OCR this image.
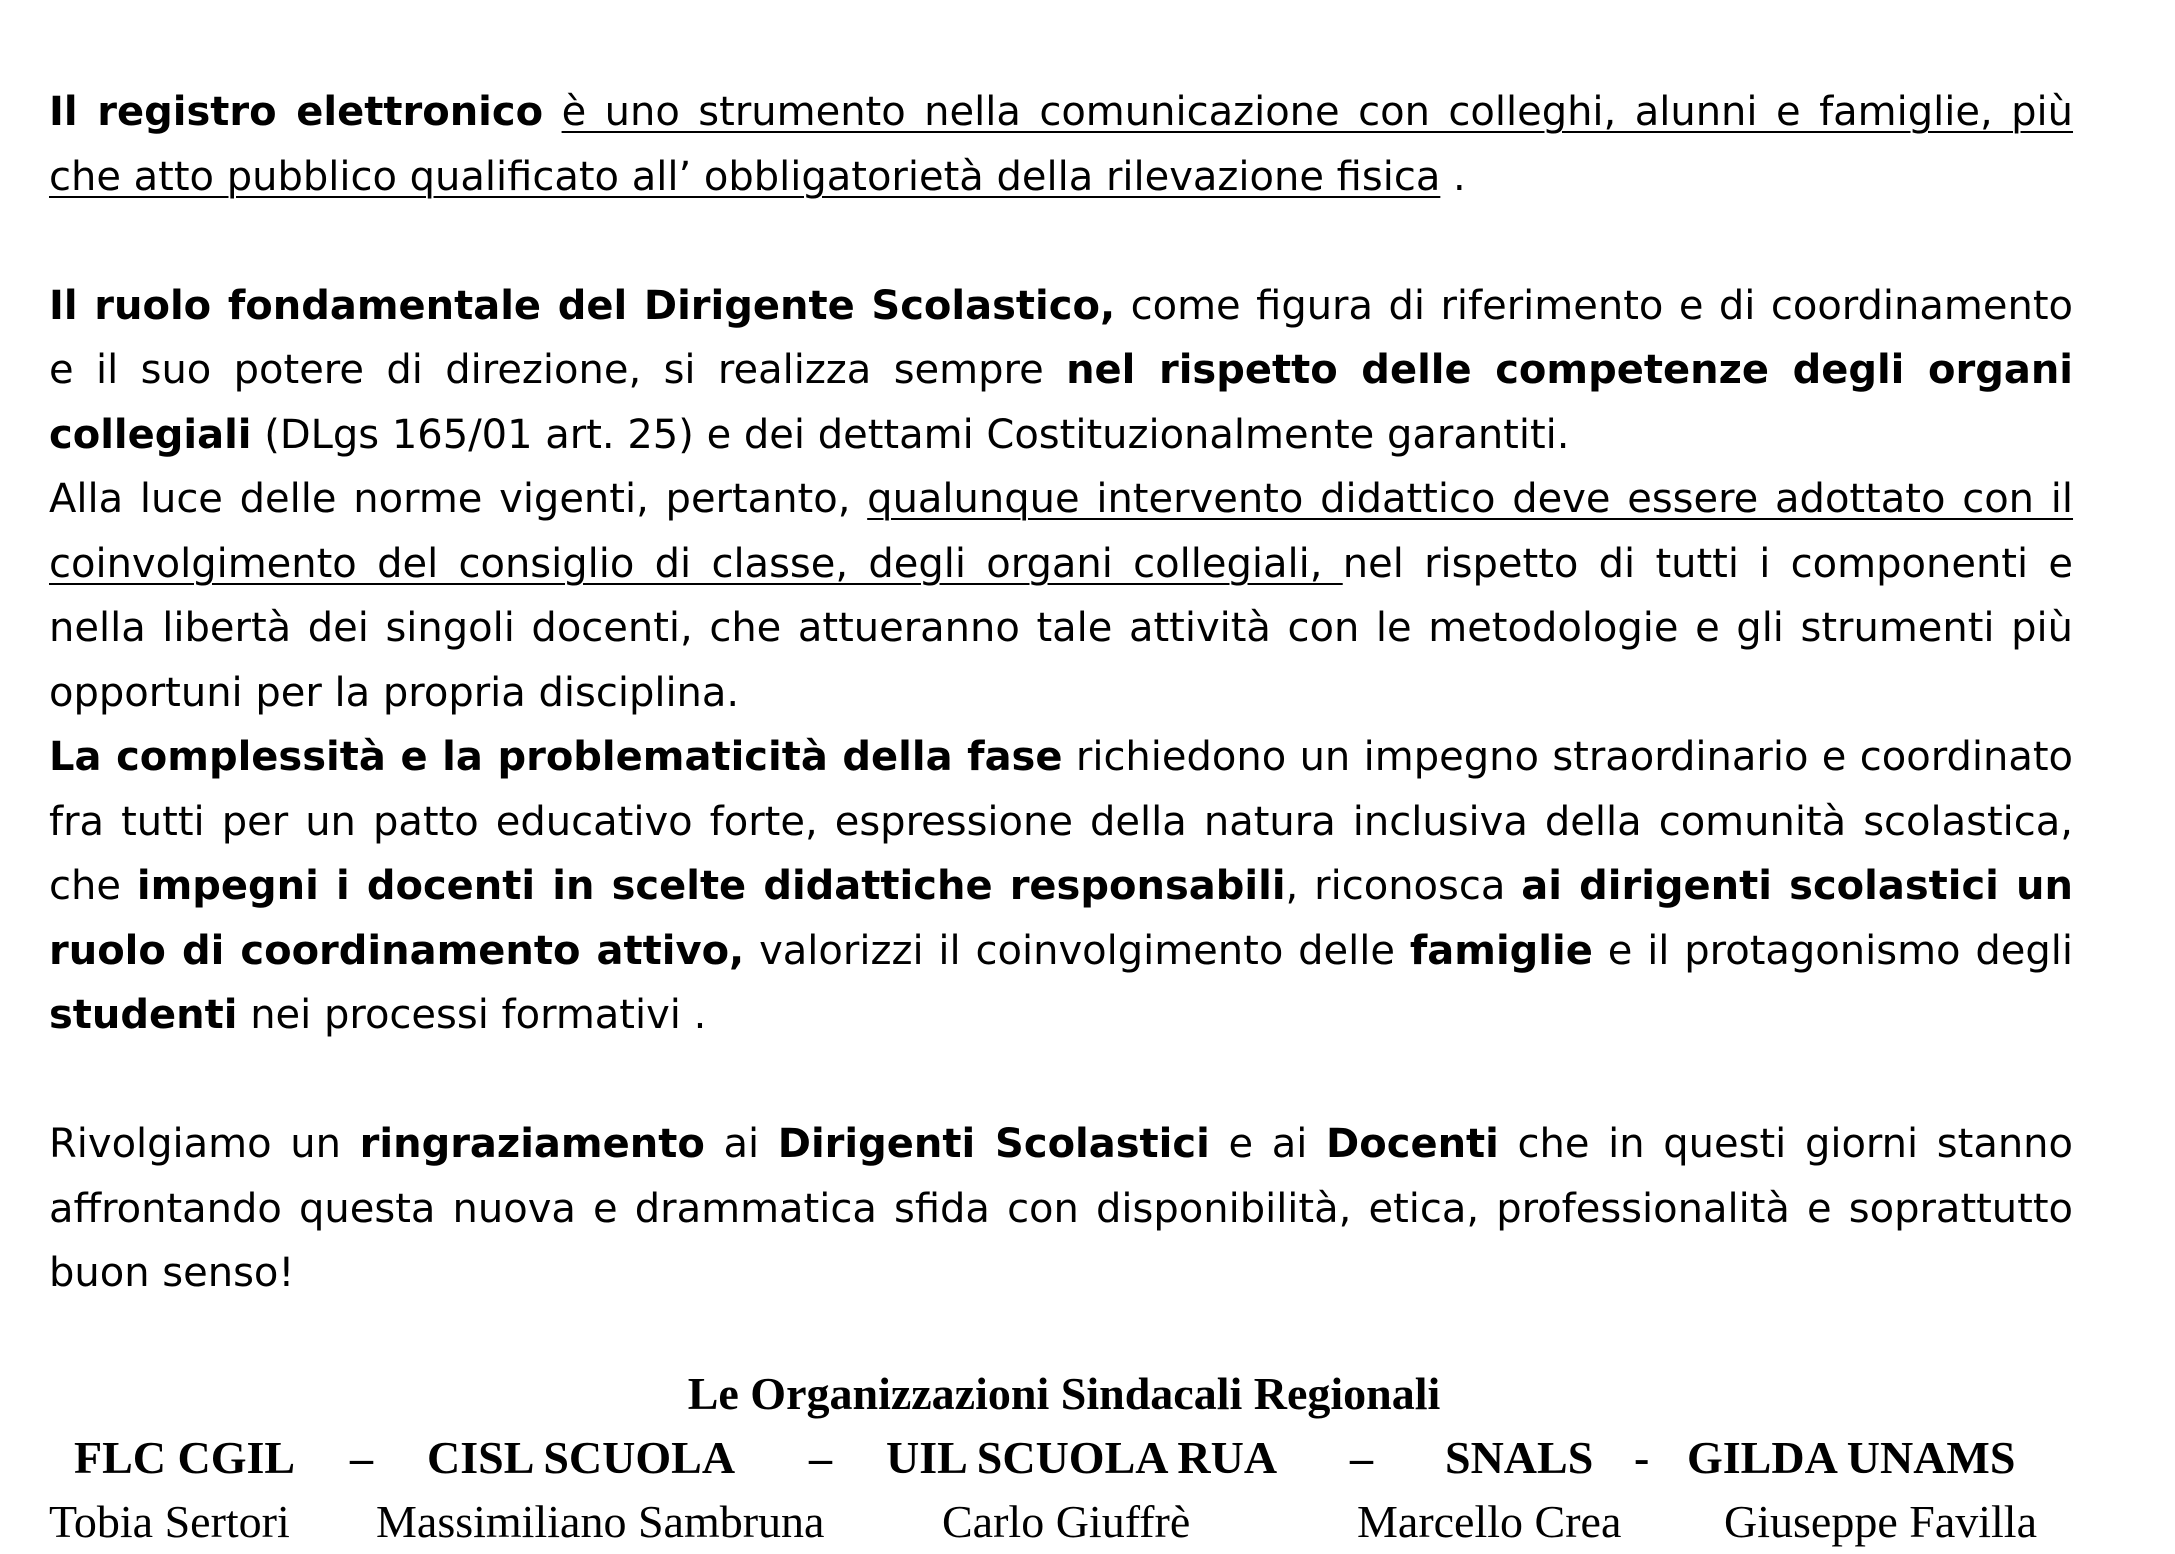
Il registro elettronico è uno strumento nella comunicazione con colleghi, alunni e famiglie, più che atto pubblico qualificato all’ obbligatorietà della rilevazione fisica .

Il ruolo fondamentale del Dirigente Scolastico, come figura di riferimento e di coordinamento e il suo potere di direzione, si realizza sempre nel rispetto delle competenze degli organi collegiali (DLgs 165/01 art. 25) e dei dettami Costituzionalmente garantiti.

Alla luce delle norme vigenti, pertanto, qualunque intervento didattico deve essere adottato con il coinvolgimento del consiglio di classe, degli organi collegiali, nel rispetto di tutti i componenti e nella libertà dei singoli docenti, che attueranno tale attività con le metodologie e gli strumenti più opportuni per la propria disciplina.

La complessità e la problematicità della fase richiedono un impegno straordinario e coordinato fra tutti per un patto educativo forte, espressione della natura inclusiva della comunità scolastica, che impegni i docenti in scelte didattiche responsabili, riconosca ai dirigenti scolastici un ruolo di coordinamento attivo, valorizzi il coinvolgimento delle famiglie e il protagonismo degli studenti nei processi formativi .

Rivolgiamo un ringraziamento ai Dirigenti Scolastici e ai Docenti che in questi giorni stanno affrontando questa nuova e drammatica sfida con disponibilità, etica, professionalità e soprattutto buon senso!

Le Organizzazioni Sindacali Regionali

FLC CGIL – CISL SCUOLA – UIL SCUOLA RUA – SNALS - GILDA UNAMS
Tobia Sertori Massimiliano Sambruna	Carlo Giuffrè	Marcello Crea Giuseppe Favilla
